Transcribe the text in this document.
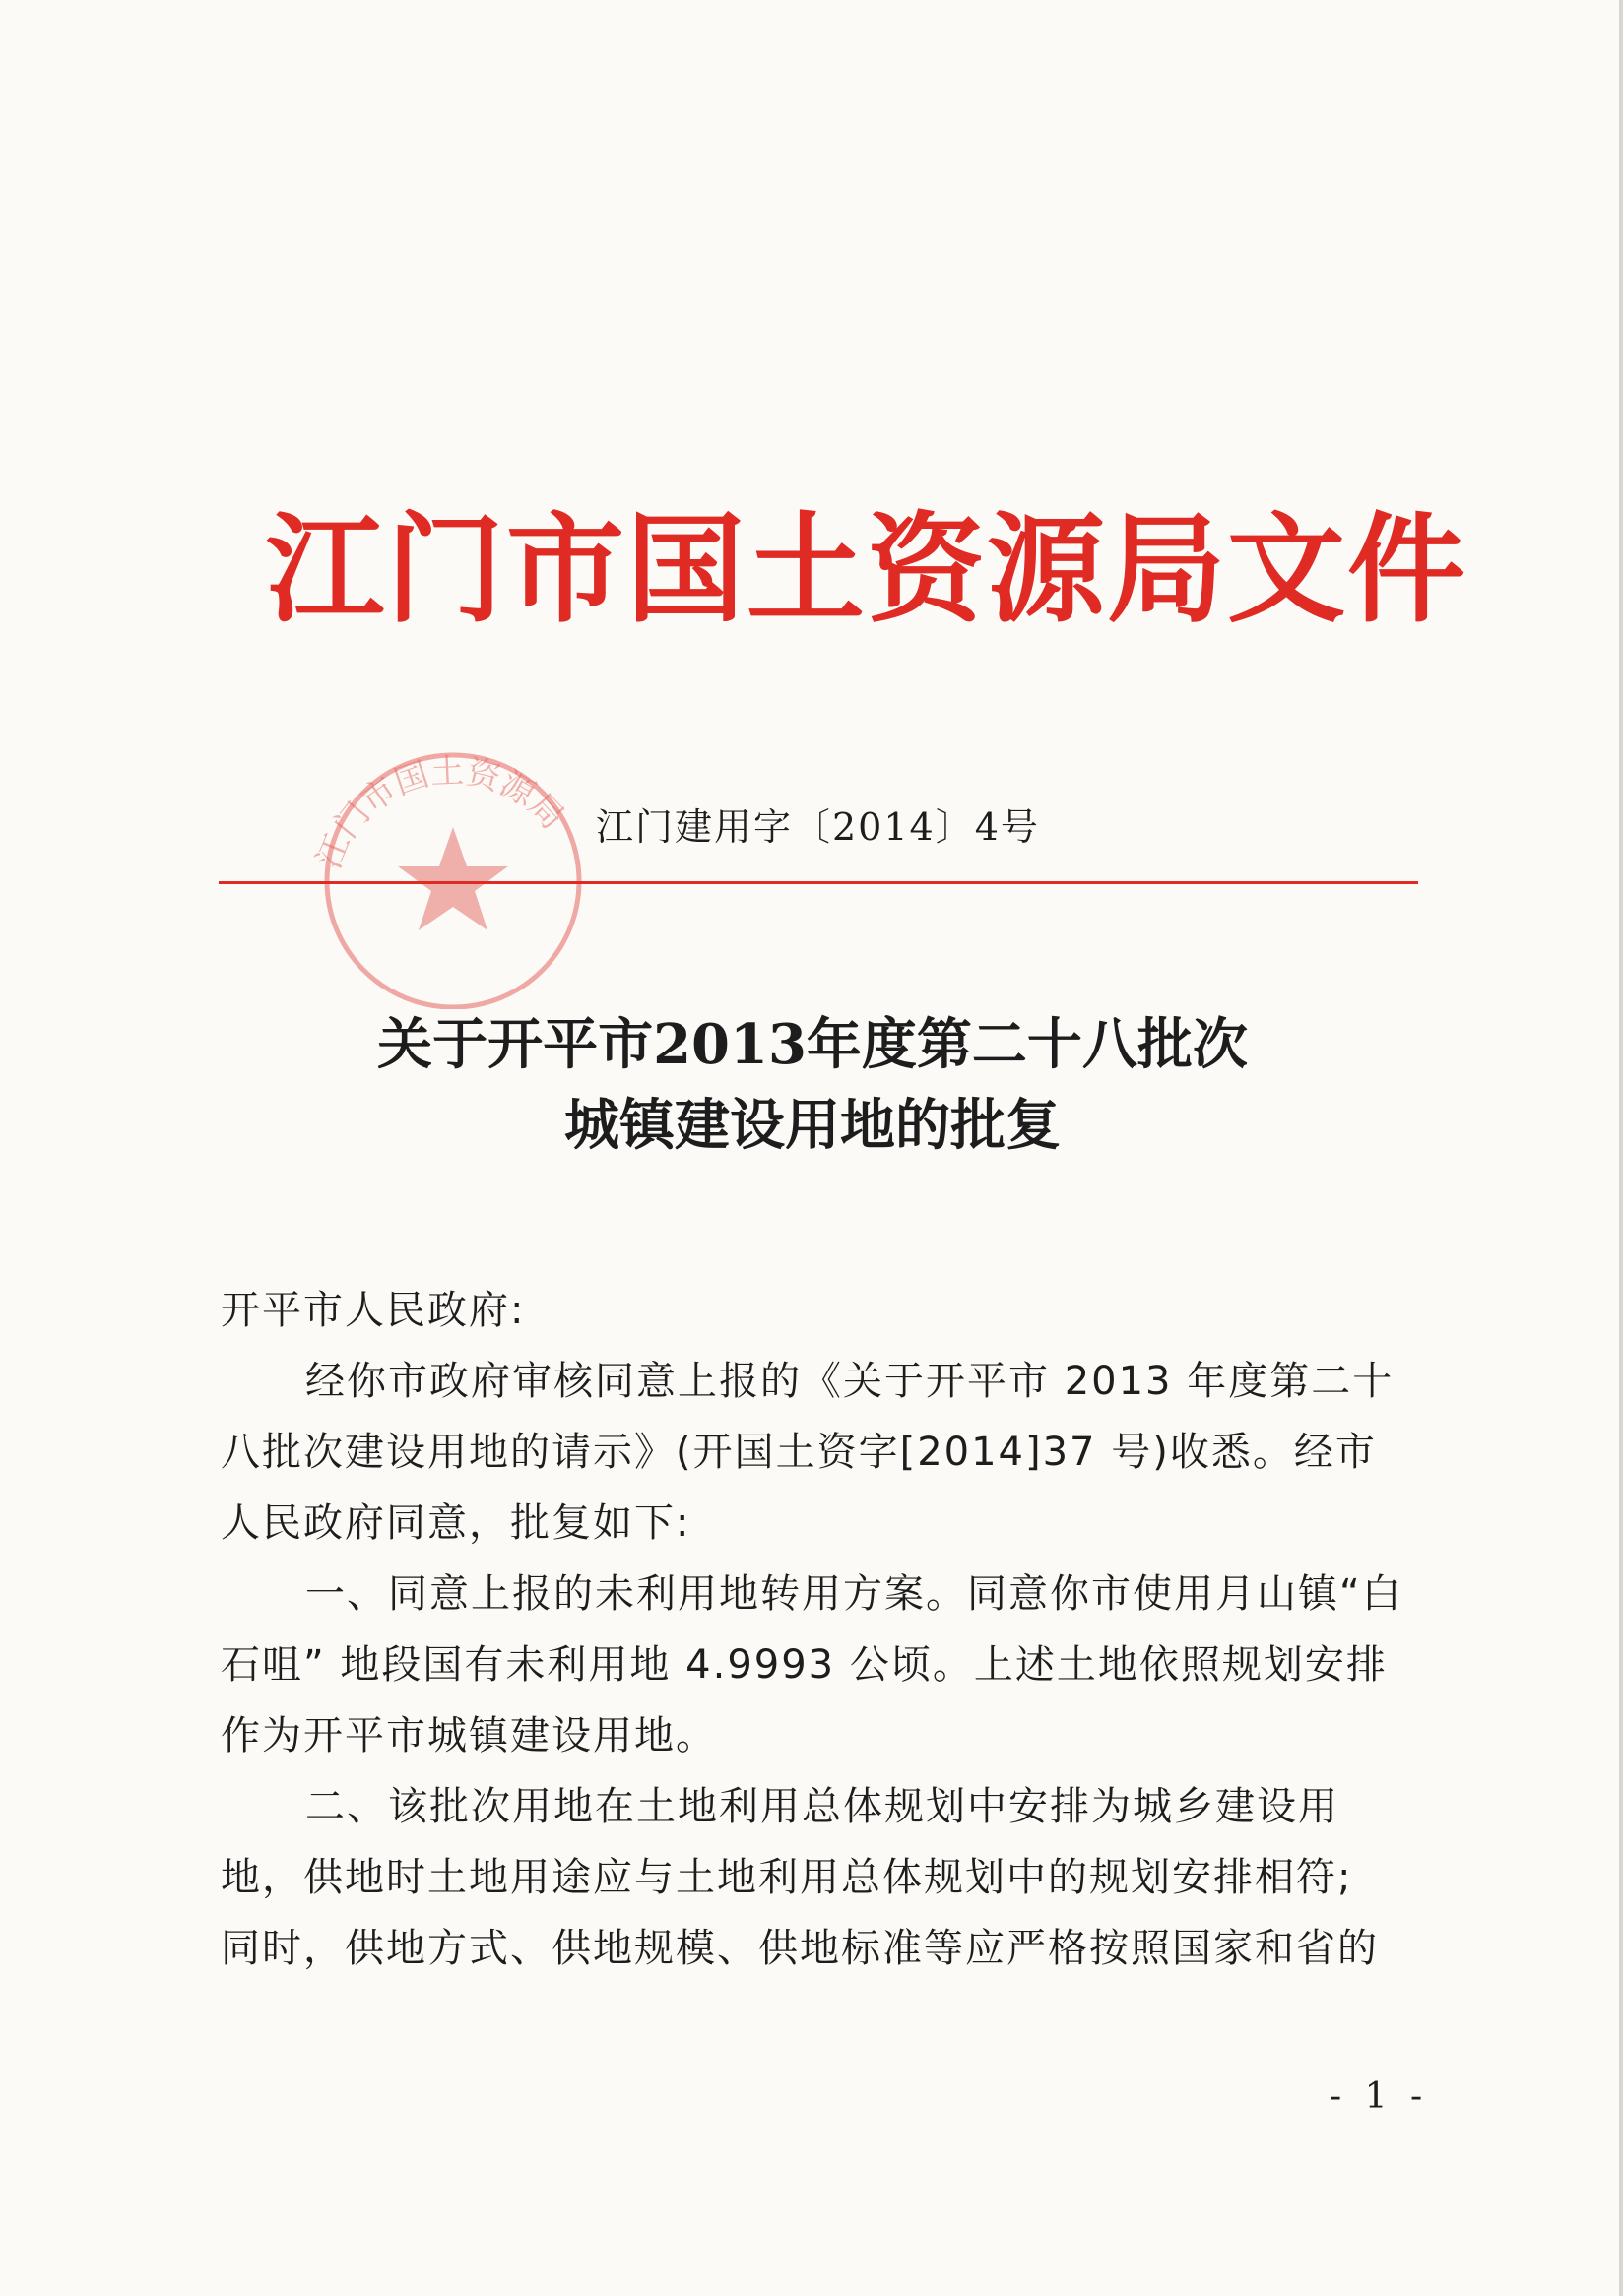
江门市国土资源局文件
江门市国土资源局 江门建用字〔2014〕4号
关于开平市2013年度第二十八批次
城镇建设用地的批复
开平市人民政府:
经你市政府审核同意上报的《关于开平市 2013 年度第二十
八批次建设用地的请示》(开国土资字[2014]37 号)收悉。经市
人民政府同意，批复如下:
一、同意上报的未利用地转用方案。同意你市使用月山镇“白
石咀” 地段国有未利用地 4.9993 公顷。上述土地依照规划安排
作为开平市城镇建设用地。
二、该批次用地在土地利用总体规划中安排为城乡建设用
地，供地时土地用途应与土地利用总体规划中的规划安排相符;
同时，供地方式、供地规模、供地标准等应严格按照国家和省的
- 1 -
